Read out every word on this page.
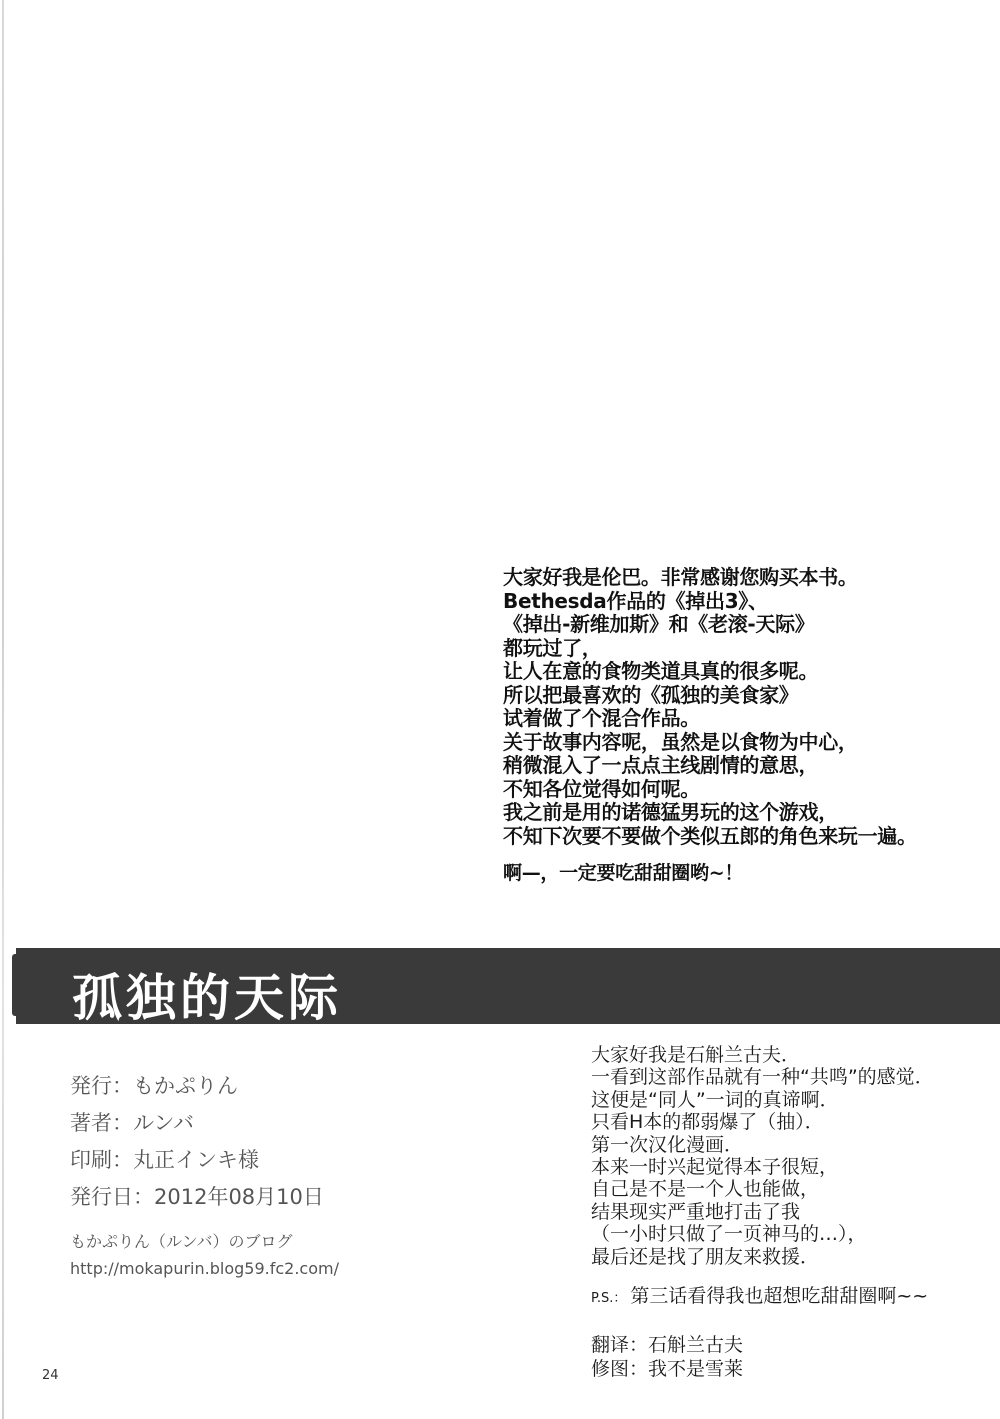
大家好我是伦巴。非常感谢您购买本书。
Bethesda作品的《掉出3》、
《掉出-新维加斯》和《老滚-天际》
都玩过了，
让人在意的食物类道具真的很多呢。
所以把最喜欢的《孤独的美食家》
试着做了个混合作品。
关于故事内容呢，虽然是以食物为中心，
稍微混入了一点点主线剧情的意思，
不知各位觉得如何呢。
我之前是用的诺德猛男玩的这个游戏，
不知下次要不要做个类似五郎的角色来玩一遍。
啊—，一定要吃甜甜圈哟~！
孤独的天际
発行：もかぷりん
著者：ルンバ
印刷：丸正インキ様
発行日：2012年08月10日
もかぷりん（ルンバ）のブログ
http://mokapurin.blog59.fc2.com/
大家好我是石斛兰古夫．
一看到这部作品就有一种“共鸣”的感觉．
这便是“同人”一词的真谛啊．
只看H本的都弱爆了（抽）．
第一次汉化漫画．
本来一时兴起觉得本子很短，
自己是不是一个人也能做，
结果现实严重地打击了我
（一小时只做了一页神马的…），
最后还是找了朋友来救援．
P.S.： 第三话看得我也超想吃甜甜圈啊~~
翻译：石斛兰古夫
修图：我不是雪莱
24
